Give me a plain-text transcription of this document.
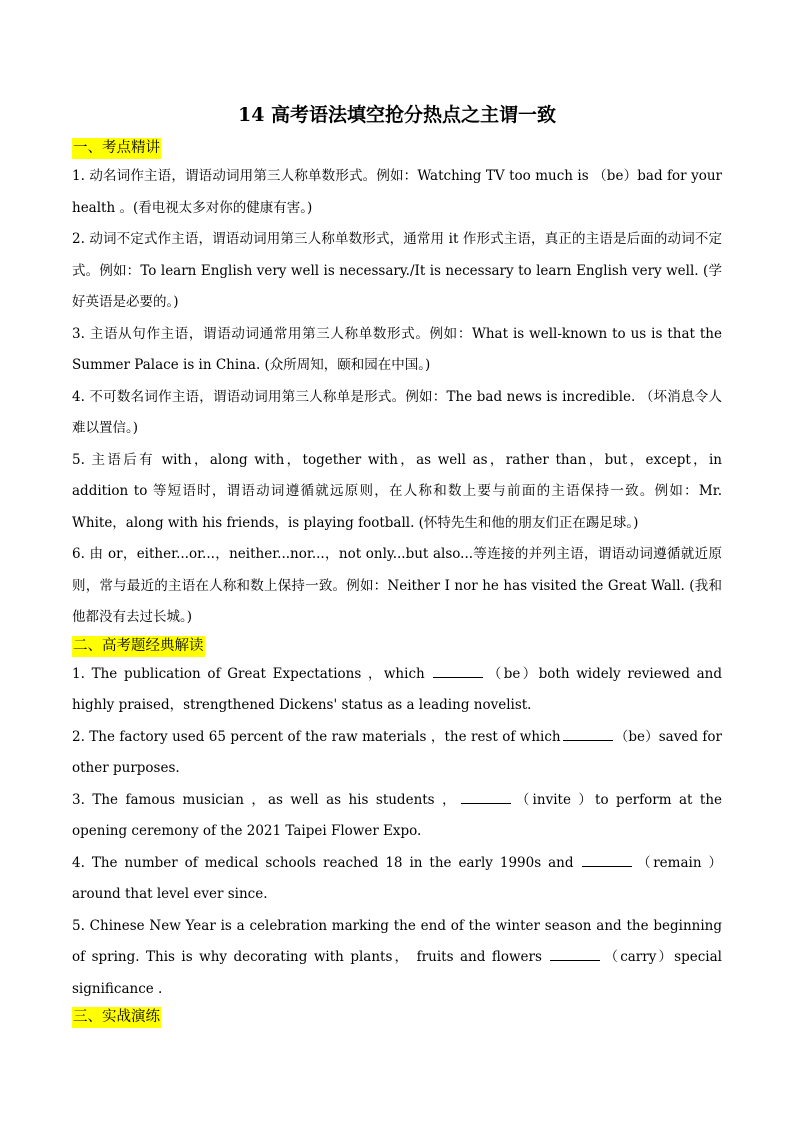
14 高考语法填空抢分热点之主谓一致
一、考点精讲

1. 动名词作主语，谓语动词用第三人称单数形式。例如：Watching TV too much is （be）bad for your health 。(看电视太多对你的健康有害。)

2. 动词不定式作主语，谓语动词用第三人称单数形式，通常用 it 作形式主语，真正的主语是后面的动词不定式。例如：To learn English very well is necessary./It is necessary to learn English very well. (学好英语是必要的。)

3. 主语从句作主语，谓语动词通常用第三人称单数形式。例如：What is well-known to us is that the Summer Palace is in China. (众所周知，颐和园在中国。)

4. 不可数名词作主语，谓语动词用第三人称单是形式。例如：The bad news is incredible. （坏消息令人难以置信。)

5. 主语后有 with，along with，together with，as well as，rather than，but，except，in addition to 等短语时，谓语动词遵循就远原则，在人称和数上要与前面的主语保持一致。例如：Mr. White，along with his friends，is playing football. (怀特先生和他的朋友们正在踢足球。)

6. 由 or，either...or...，neither...nor...，not only...but also...等连接的并列主语，谓语动词遵循就近原则，常与最近的主语在人称和数上保持一致。例如：Neither I nor he has visited the Great Wall. (我和他都没有去过长城。)

二、高考题经典解读

1. The publication of Great Expectations ，which	（be）both widely reviewed and highly praised，strengthened Dickens' status as a leading novelist.

2. The factory used 65 percent of the raw materials ，the rest of which	（be）saved for other purposes.

3. The famous musician ，as well as his students ，	（invite ）to perform at the opening ceremony of the 2021 Taipei Flower Expo.

4. The number of medical schools reached 18 in the early 1990s and	（remain ） around that level ever since.

5. Chinese New Year is a celebration marking the end of the winter season and the beginning of spring. This is why decorating with plants， fruits and flowers	（carry）special significance .

三、实战演练
